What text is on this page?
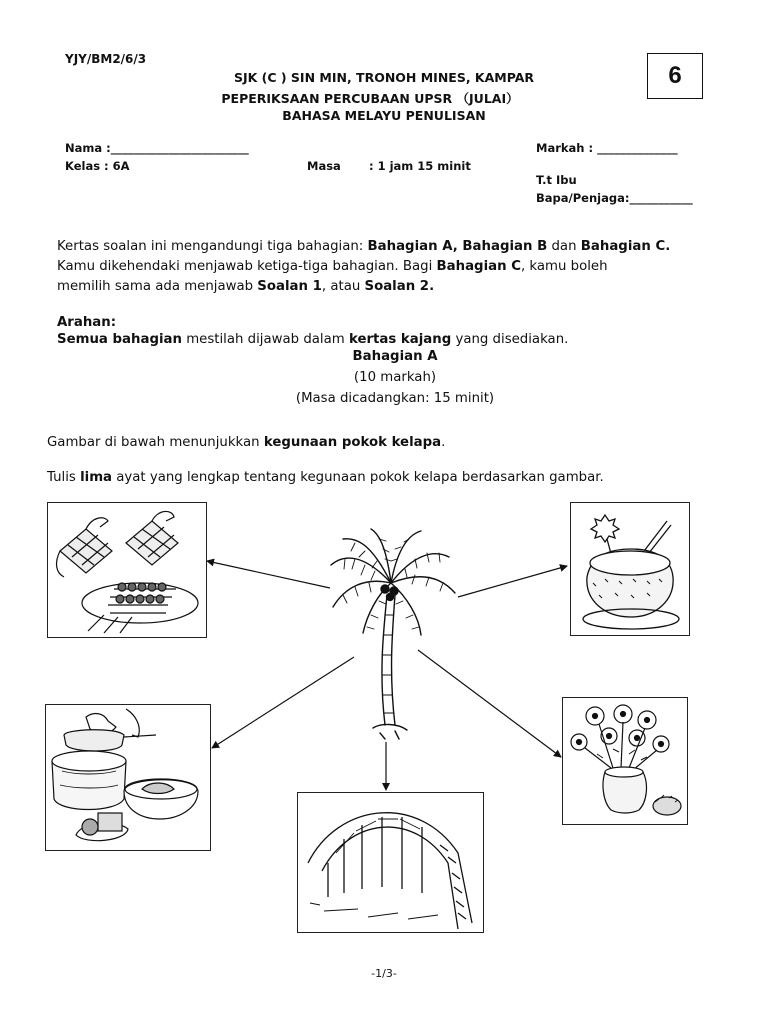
YJY/BM2/6/3
SJK (C ) SIN MIN, TRONOH MINES, KAMPAR
PEPERIKSAAN PERCUBAAN UPSR （JULAI）
BAHASA MELAYU PENULISAN
6
Nama :________________________
Kelas : 6A	Masa : 1 jam 15 minit
Markah : ______________
T.t Ibu
Bapa/Penjaga:___________
Kertas soalan ini mengandungi tiga bahagian: Bahagian A, Bahagian B dan Bahagian C.
Kamu dikehendaki menjawab ketiga-tiga bahagian. Bagi Bahagian C, kamu boleh
memilih sama ada menjawab Soalan 1, atau Soalan 2.
Arahan:
Semua bahagian mestilah dijawab dalam kertas kajang yang disediakan.
Bahagian A
(10 markah)
(Masa dicadangkan: 15 minit)
Gambar di bawah menunjukkan kegunaan pokok kelapa.
Tulis lima ayat yang lengkap tentang kegunaan pokok kelapa berdasarkan gambar.
-1/3-
